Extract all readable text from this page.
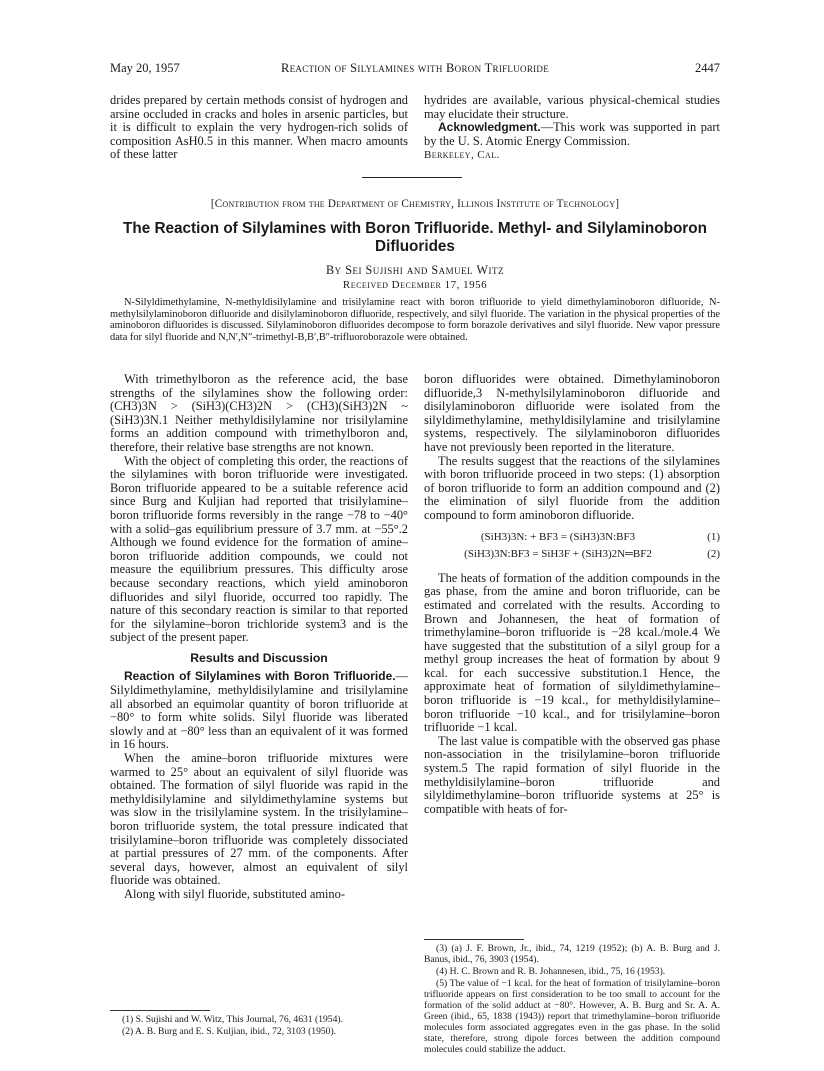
May 20, 1957	Reaction of Silylamines with Boron Trifluoride	2447

drides prepared by certain methods consist of hydrogen and arsine occluded in cracks and holes in arsenic particles, but it is difficult to explain the very hydrogen-rich solids of composition AsH0.5 in this manner. When macro amounts of these latter

hydrides are available, various physical-chemical studies may elucidate their structure.

Acknowledgment.—This work was supported in part by the U. S. Atomic Energy Commission.

Berkeley, Cal.
[Contribution from the Department of Chemistry, Illinois Institute of Technology]
The Reaction of Silylamines with Boron Trifluoride. Methyl- and Silylaminoboron Difluorides
By Sei Sujishi and Samuel Witz
Received December 17, 1956

N-Silyldimethylamine, N-methyldisilylamine and trisilylamine react with boron trifluoride to yield dimethylaminoboron difluoride, N-methylsilylaminoboron difluoride and disilylaminoboron difluoride, respectively, and silyl fluoride. The variation in the physical properties of the aminoboron difluorides is discussed. Silylaminoboron difluorides decompose to form borazole derivatives and silyl fluoride. New vapor pressure data for silyl fluoride and N,N′,N″-trimethyl-B,B′,B″-trifluoroborazole were obtained.

With trimethylboron as the reference acid, the base strengths of the silylamines show the following order: (CH3)3N > (SiH3)(CH3)2N > (CH3)(SiH3)2N ~ (SiH3)3N.1 Neither methyldisilylamine nor trisilylamine forms an addition compound with trimethylboron and, therefore, their relative base strengths are not known.

With the object of completing this order, the reactions of the silylamines with boron trifluoride were investigated. Boron trifluoride appeared to be a suitable reference acid since Burg and Kuljian had reported that trisilylamine–boron trifluoride forms reversibly in the range −78 to −40° with a solid–gas equilibrium pressure of 3.7 mm. at −55°.2 Although we found evidence for the formation of amine–boron trifluoride addition compounds, we could not measure the equilibrium pressures. This difficulty arose because secondary reactions, which yield aminoboron difluorides and silyl fluoride, occurred too rapidly. The nature of this secondary reaction is similar to that reported for the silylamine–boron trichloride system3 and is the subject of the present paper.

Results and Discussion

Reaction of Silylamines with Boron Trifluoride.—Silyldimethylamine, methyldisilylamine and trisilylamine all absorbed an equimolar quantity of boron trifluoride at −80° to form white solids. Silyl fluoride was liberated slowly and at −80° less than an equivalent of it was formed in 16 hours.

When the amine–boron trifluoride mixtures were warmed to 25° about an equivalent of silyl fluoride was obtained. The formation of silyl fluoride was rapid in the methyldisilylamine and silyldimethylamine systems but was slow in the trisilylamine system. In the trisilylamine–boron trifluoride system, the total pressure indicated that trisilylamine–boron trifluoride was completely dissociated at partial pressures of 27 mm. of the components. After several days, however, almost an equivalent of silyl fluoride was obtained.

Along with silyl fluoride, substituted amino-

boron difluorides were obtained. Dimethylaminoboron difluoride,3 N-methylsilylaminoboron difluoride and disilylaminoboron difluoride were isolated from the silyldimethylamine, methyldisilylamine and trisilylamine systems, respectively. The silylaminoboron difluorides have not previously been reported in the literature.

The results suggest that the reactions of the silylamines with boron trifluoride proceed in two steps: (1) absorption of boron trifluoride to form an addition compound and (2) the elimination of silyl fluoride from the addition compound to form aminoboron difluoride.

(SiH3)3N: + BF3 = (SiH3)3N:BF3	(1)
(SiH3)3N:BF3 = SiH3F + (SiH3)2N═BF2	(2)

The heats of formation of the addition compounds in the gas phase, from the amine and boron trifluoride, can be estimated and correlated with the results. According to Brown and Johannesen, the heat of formation of trimethylamine–boron trifluoride is −28 kcal./mole.4 We have suggested that the substitution of a silyl group for a methyl group increases the heat of formation by about 9 kcal. for each successive substitution.1 Hence, the approximate heat of formation of silyldimethylamine–boron trifluoride is −19 kcal., for methyldisilylamine–boron trifluoride −10 kcal., and for trisilylamine–boron trifluoride −1 kcal.

The last value is compatible with the observed gas phase non-association in the trisilylamine–boron trifluoride system.5 The rapid formation of silyl fluoride in the methyldisilylamine–boron trifluoride and silyldimethylamine–boron trifluoride systems at 25° is compatible with heats of for-

(1) S. Sujishi and W. Witz, This Journal, 76, 4631 (1954).

(2) A. B. Burg and E. S. Kuljian, ibid., 72, 3103 (1950).

(3) (a) J. F. Brown, Jr., ibid., 74, 1219 (1952); (b) A. B. Burg and J. Banus, ibid., 76, 3903 (1954).

(4) H. C. Brown and R. B. Johannesen, ibid., 75, 16 (1953).

(5) The value of −1 kcal. for the heat of formation of trisilylamine–boron trifluoride appears on first consideration to be too small to account for the formation of the solid adduct at −80°. However, A. B. Burg and Sr. A. A. Green (ibid., 65, 1838 (1943)) report that trimethylamine–boron trifluoride molecules form associated aggregates even in the gas phase. In the solid state, therefore, strong dipole forces between the addition compound molecules could stabilize the adduct.
